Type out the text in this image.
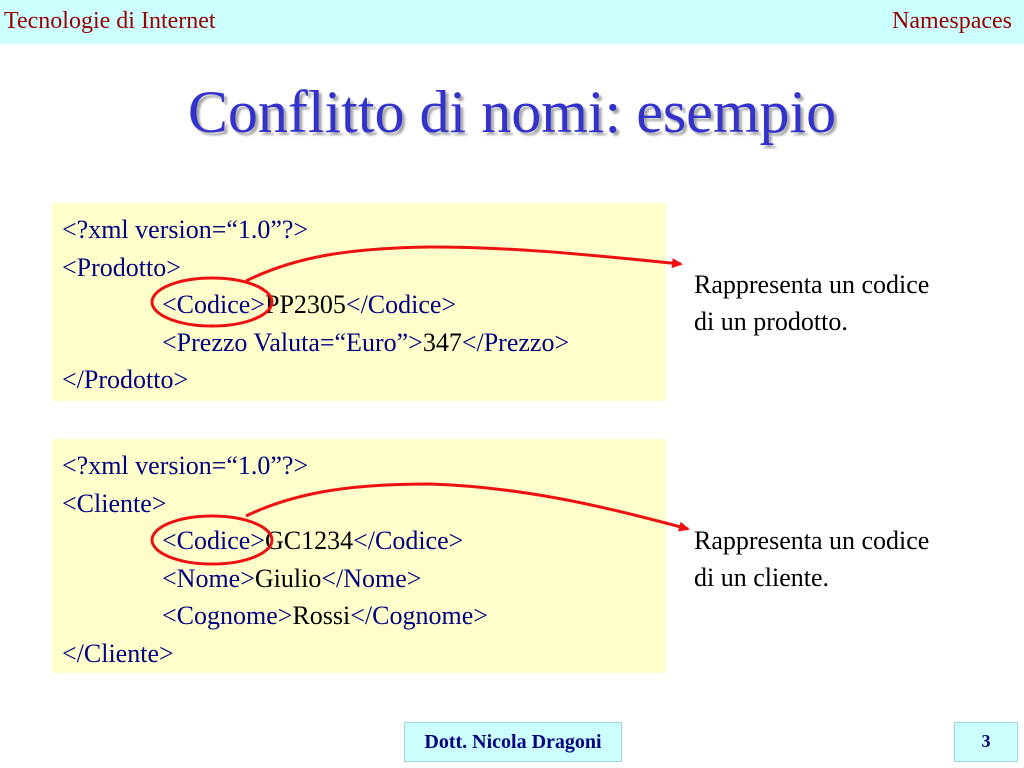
Tecnologie di Internet	Namespaces
Conflitto di nomi: esempio
<?xml version=“1.0”?>
<Prodotto>
<Codice>PP2305</Codice>
<Prezzo Valuta=“Euro”>347</Prezzo>
</Prodotto>
Rappresenta un codice
di un prodotto.
<?xml version=“1.0”?>
<Cliente>
<Codice>GC1234</Codice>
<Nome>Giulio</Nome>
<Cognome>Rossi</Cognome>
</Cliente>
Rappresenta un codice
di un cliente.
Dott. Nicola Dragoni	3
